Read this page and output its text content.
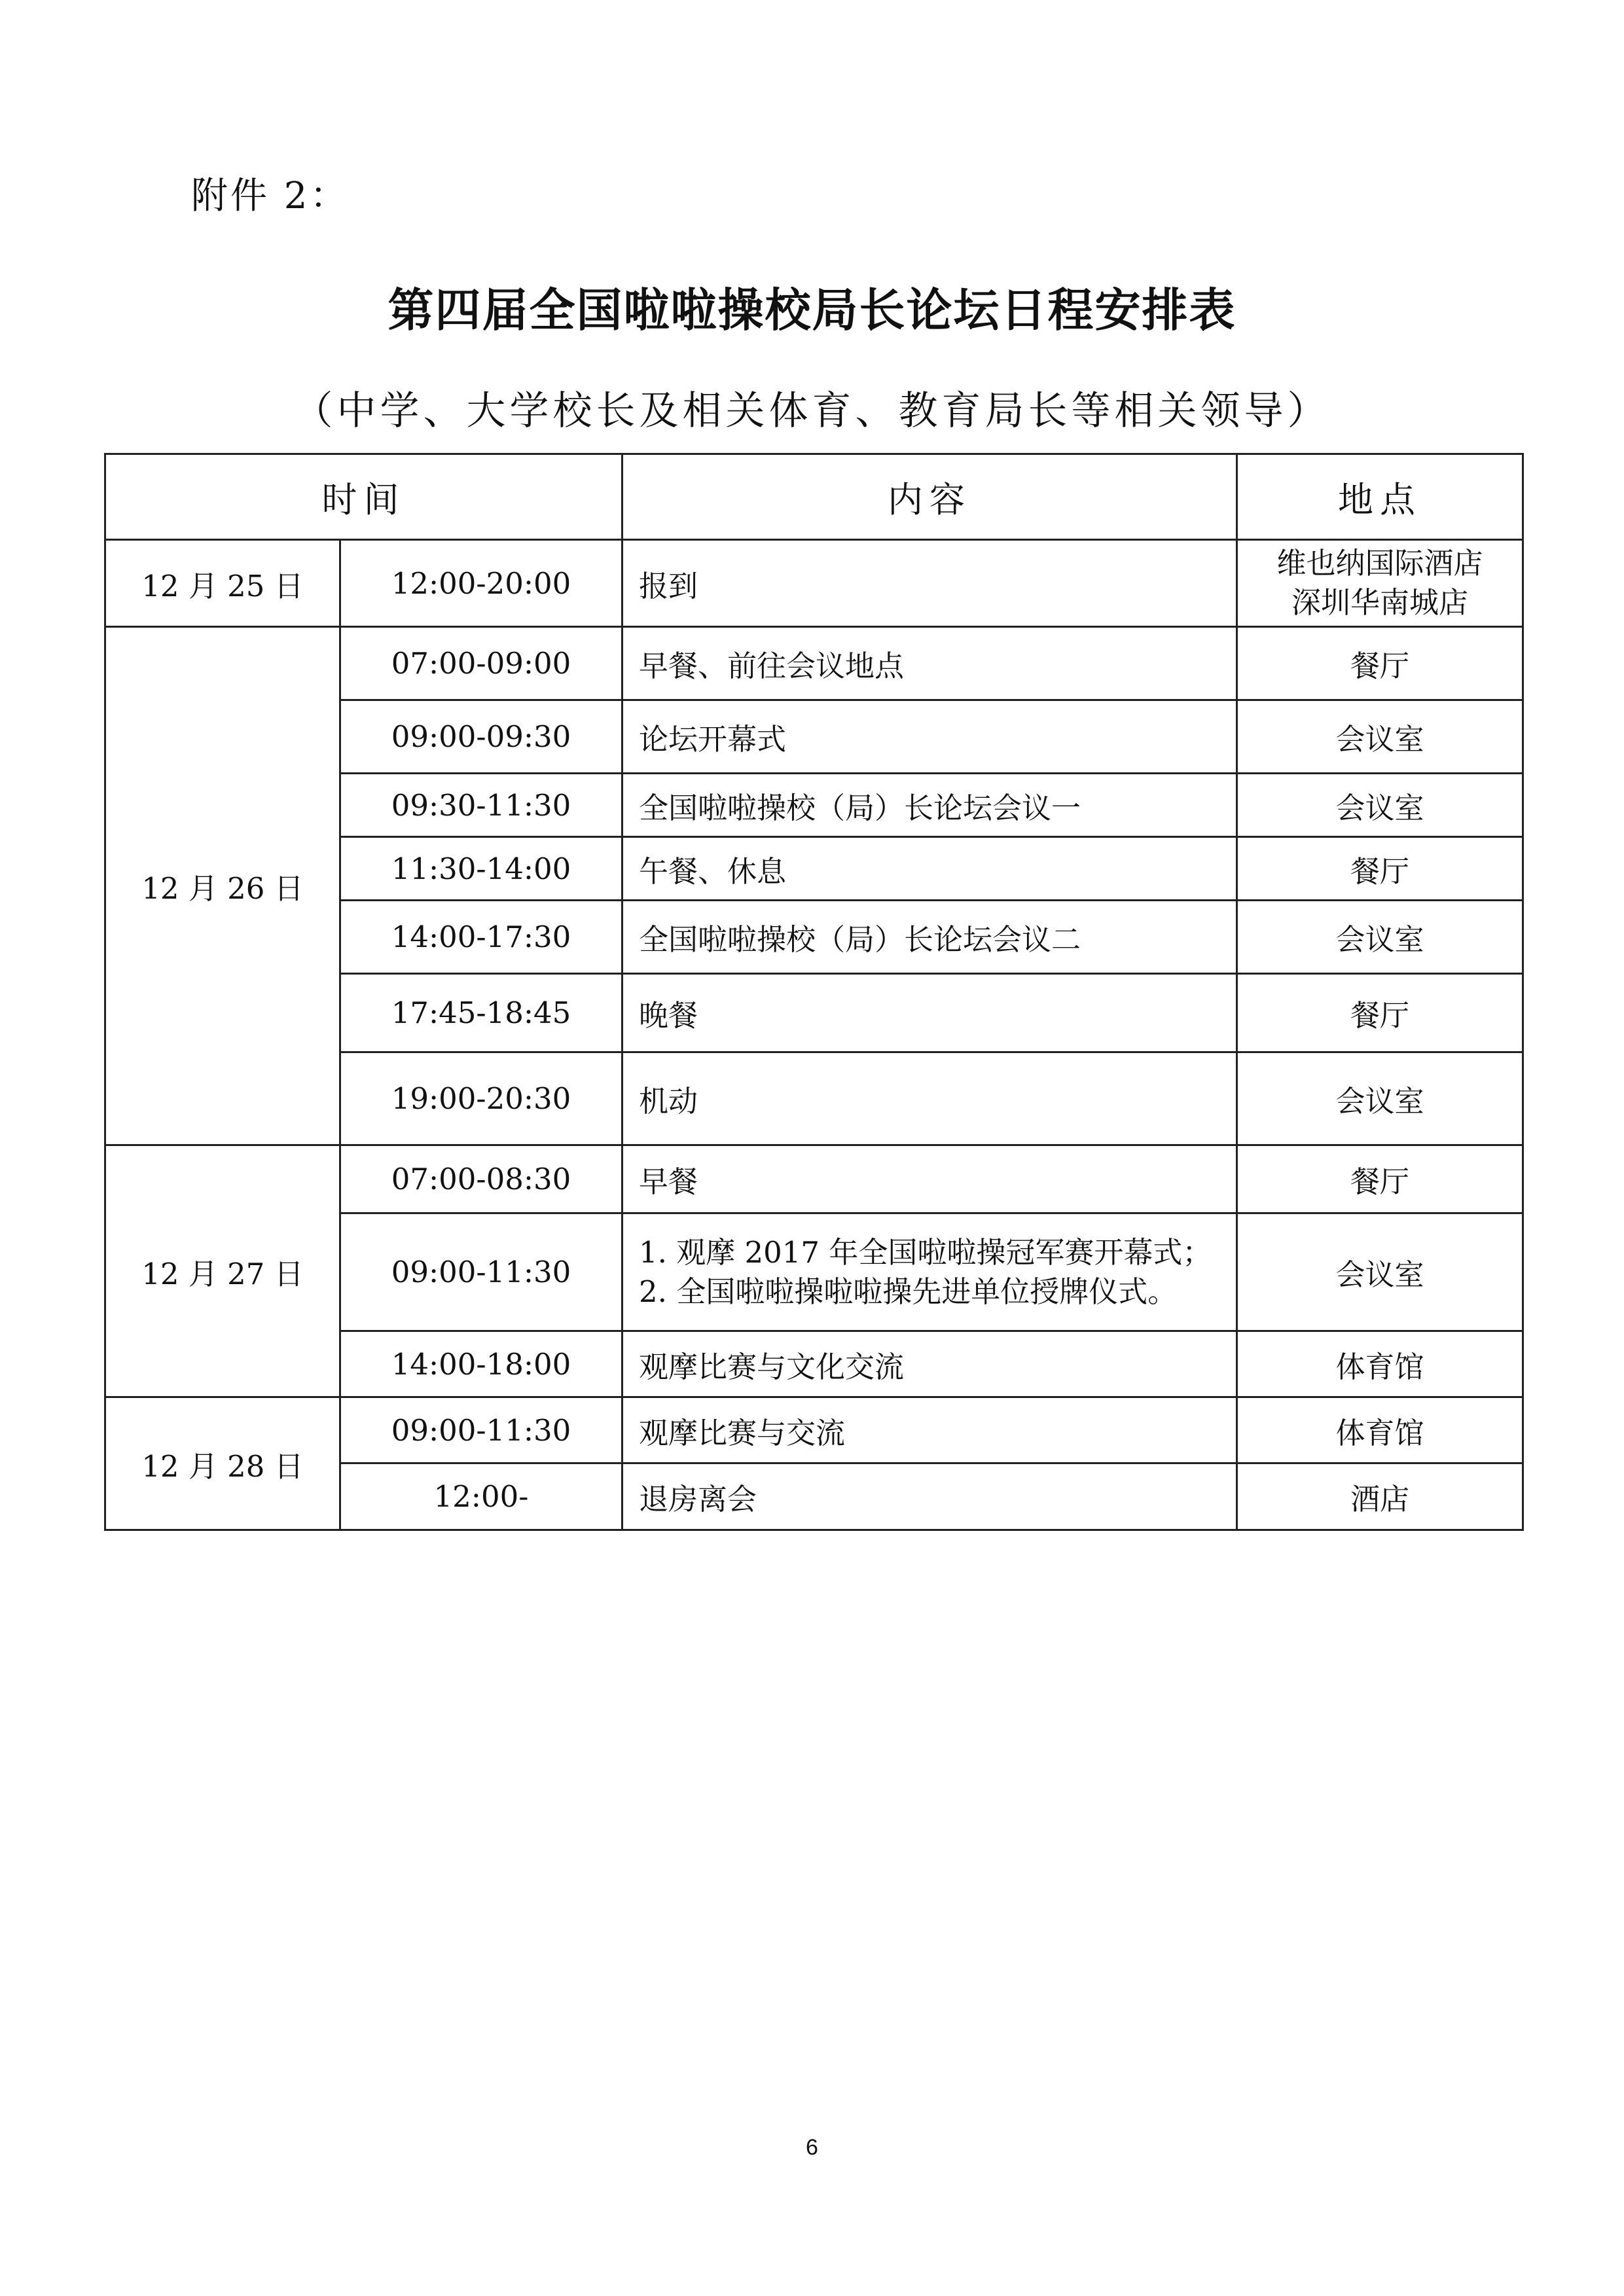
附件 2：
第四届全国啦啦操校局长论坛日程安排表
（中学、大学校长及相关体育、教育局长等相关领导）
时间		内容	地点
12 月 25 日	12:00-20:00	报到	维也纳国际酒店
深圳华南城店

12 月 26 日	07:00-09:00	早餐、前往会议地点	餐厅
	09:00-09:30	论坛开幕式	会议室
	09:30-11:30	全国啦啦操校（局）长论坛会议一	会议室
	11:30-14:00	午餐、休息	餐厅
	14:00-17:30	全国啦啦操校（局）长论坛会议二	会议室
	17:45-18:45	晚餐	餐厅
	19:00-20:30	机动	会议室
12 月 27 日	07:00-08:30	早餐	餐厅
	09:00-11:30	1. 观摩 2017 年全国啦啦操冠军赛开幕式；
2. 全国啦啦操啦啦操先进单位授牌仪式。	会议室
	14:00-18:00	观摩比赛与文化交流	体育馆
12 月 28 日	09:00-11:30	观摩比赛与交流	体育馆
	12:00-	退房离会	酒店
6
